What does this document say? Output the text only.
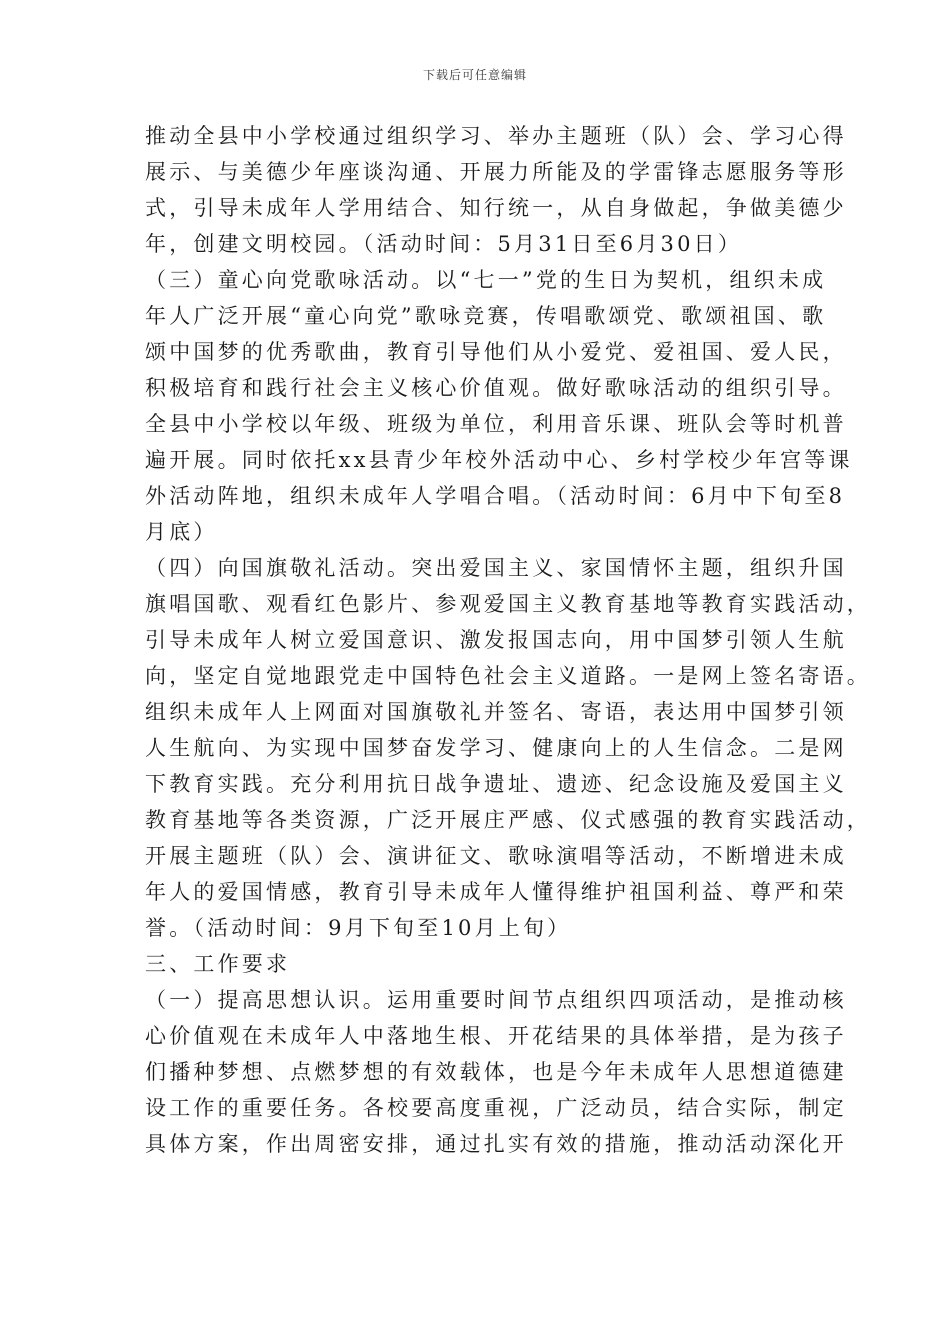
下载后可任意编辑
推动全县中小学校通过组织学习、举办主题班（队）会、学习心得
展示、与美德少年座谈沟通、开展力所能及的学雷锋志愿服务等形
式，引导未成年人学用结合、知行统一，从自身做起，争做美德少
年，创建文明校园。（活动时间：5月31日至6月30日）
（三）童心向党歌咏活动。以“七一”党的生日为契机，组织未成
年人广泛开展“童心向党”歌咏竞赛，传唱歌颂党、歌颂祖国、歌
颂中国梦的优秀歌曲，教育引导他们从小爱党、爱祖国、爱人民，
积极培育和践行社会主义核心价值观。做好歌咏活动的组织引导。
全县中小学校以年级、班级为单位，利用音乐课、班队会等时机普
遍开展。同时依托xx县青少年校外活动中心、乡村学校少年宫等课
外活动阵地，组织未成年人学唱合唱。（活动时间：6月中下旬至8
月底）
（四）向国旗敬礼活动。突出爱国主义、家国情怀主题，组织升国
旗唱国歌、观看红色影片、参观爱国主义教育基地等教育实践活动，
引导未成年人树立爱国意识、激发报国志向，用中国梦引领人生航
向，坚定自觉地跟党走中国特色社会主义道路。一是网上签名寄语。
组织未成年人上网面对国旗敬礼并签名、寄语，表达用中国梦引领
人生航向、为实现中国梦奋发学习、健康向上的人生信念。二是网
下教育实践。充分利用抗日战争遗址、遗迹、纪念设施及爱国主义
教育基地等各类资源，广泛开展庄严感、仪式感强的教育实践活动，
开展主题班（队）会、演讲征文、歌咏演唱等活动，不断增进未成
年人的爱国情感，教育引导未成年人懂得维护祖国利益、尊严和荣
誉。（活动时间：9月下旬至10月上旬）
三、工作要求
（一）提高思想认识。运用重要时间节点组织四项活动，是推动核
心价值观在未成年人中落地生根、开花结果的具体举措，是为孩子
们播种梦想、点燃梦想的有效载体，也是今年未成年人思想道德建
设工作的重要任务。各校要高度重视，广泛动员，结合实际，制定
具体方案，作出周密安排，通过扎实有效的措施，推动活动深化开
